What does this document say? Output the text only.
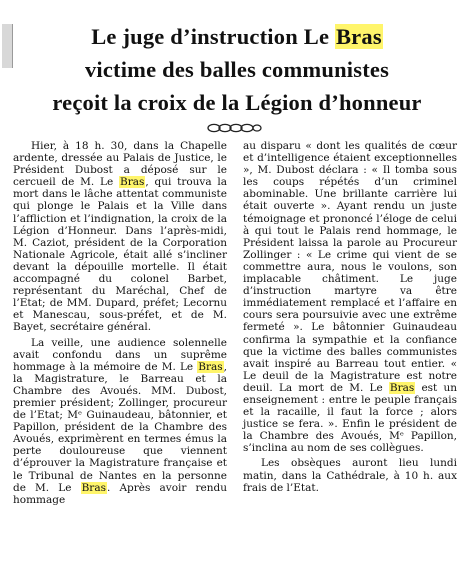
Le juge d’instruction Le Bras
victime des balles communistes
reçoit la croix de la Légion d’honneur

Hier, à 18 h. 30, dans la Chapelle ardente, dressée au Palais de Justice, le Président Dubost a déposé sur le cercueil de M. Le Bras, qui trouva la mort dans le lâche attentat communiste qui plonge le Palais et la Ville dans l’affliction et l’indignation, la croix de la Légion d’Honneur. Dans l’après-midi, M. Caziot, président de la Corporation Nationale Agricole, était allé s’incliner devant la dépouille mortelle. Il était accompagné du colonel Barbet, représentant du Maréchal, Chef de l’Etat; de MM. Dupard, préfet; Lecornu et Manescau, sous-préfet, et de M. Bayet, secrétaire général.

La veille, une audience solennelle avait confondu dans un suprême hommage à la mémoire de M. Le Bras, la Magistrature, le Barreau et la Chambre des Avoués. MM. Dubost, premier président; Zollinger, procureur de l’Etat; Mᵉ Guinaudeau, bâtonnier, et Papillon, président de la Chambre des Avoués, exprimèrent en termes émus la perte douloureuse que viennent d’éprouver la Magistrature française et le Tribunal de Nantes en la personne de M. Le Bras. Après avoir rendu hommage

au disparu « dont les qualités de cœur et d’intelligence étaient exceptionnelles », M. Dubost déclara : « Il tomba sous les coups répétés d’un criminel abominable. Une brillante carrière lui était ouverte ». Ayant rendu un juste témoignage et prononcé l’éloge de celui à qui tout le Palais rend hommage, le Président laissa la parole au Procureur Zollinger : « Le crime qui vient de se commettre aura, nous le voulons, son implacable châtiment. Le juge d’instruction martyre va être immédiatement remplacé et l’affaire en cours sera poursuivie avec une extrême fermeté ». Le bâtonnier Guinaudeau confirma la sympathie et la confiance que la victime des balles communistes avait inspiré au Barreau tout entier. « Le deuil de la Magistrature est notre deuil. La mort de M. Le Bras est un enseignement : entre le peuple français et la racaille, il faut la force ; alors justice se fera. ». Enfin le président de la Chambre des Avoués, Mᵉ Papillon, s’inclina au nom de ses collègues.

Les obsèques auront lieu lundi matin, dans la Cathédrale, à 10 h. aux frais de l’Etat.
